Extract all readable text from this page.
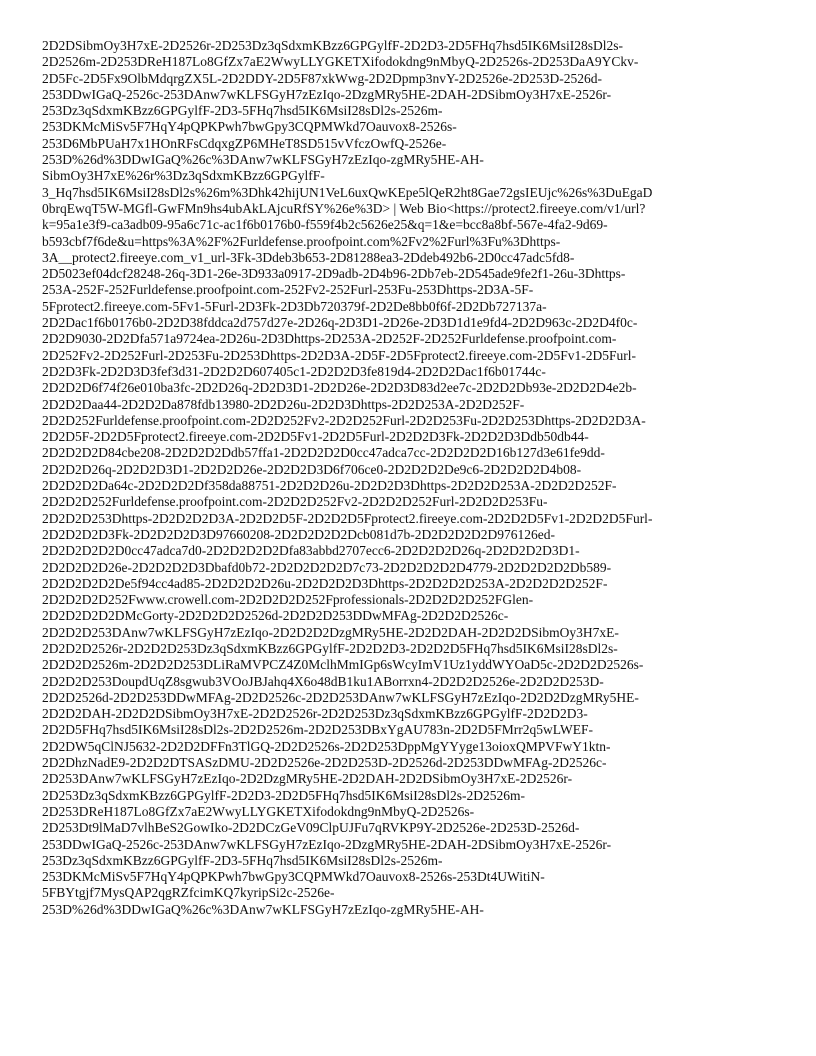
2D2DSibmOy3H7xE-2D2526r-2D253Dz3qSdxmKBzz6GPGylfF-2D2D3-2D5FHq7hsd5IK6MsiI28sDl2s-
2D2526m-2D253DReH187Lo8GfZx7aE2WwyLLYGKETXifodokdng9nMbyQ-2D2526s-2D253DaA9YCkv-
2D5Fc-2D5Fx9OlbMdqrgZX5L-2D2DDY-2D5F87xkWwg-2D2Dpmp3nvY-2D2526e-2D253D-2526d-
253DDwIGaQ-2526c-253DAnw7wKLFSGyH7zEzIqo-2DzgMRy5HE-2DAH-2DSibmOy3H7xE-2526r-
253Dz3qSdxmKBzz6GPGylfF-2D3-5FHq7hsd5IK6MsiI28sDl2s-2526m-
253DKMcMiSv5F7HqY4pQPKPwh7bwGpy3CQPMWkd7Oauvox8-2526s-
253D6MbPUaH7x1HOnRFsCdqxgZP6MHeT8SD515vVfczOwfQ-2526e-
253D%26d%3DDwIGaQ%26c%3DAnw7wKLFSGyH7zEzIqo-zgMRy5HE-AH-
SibmOy3H7xE%26r%3Dz3qSdxmKBzz6GPGylfF-
3_Hq7hsd5IK6MsiI28sDl2s%26m%3Dhk42hijUN1VeL6uxQwKEpe5lQeR2ht8Gae72gsIEUjc%26s%3DuEgaD
0brqEwqT5W-MGfl-GwFMn9hs4ubAkLAjcuRfSY%26e%3D> | Web Bio<https://protect2.fireeye.com/v1/url?
k=95a1e3f9-ca3adb09-95a6c71c-ac1f6b0176b0-f559f4b2c5626e25&q=1&e=bcc8a8bf-567e-4fa2-9d69-
b593cbf7f6de&u=https%3A%2F%2Furldefense.proofpoint.com%2Fv2%2Furl%3Fu%3Dhttps-
3A__protect2.fireeye.com_v1_url-3Fk-3Ddeb3b653-2D81288ea3-2Ddeb492b6-2D0cc47adc5fd8-
2D5023ef04dcf28248-26q-3D1-26e-3D933a0917-2D9adb-2D4b96-2Db7eb-2D545ade9fe2f1-26u-3Dhttps-
253A-252F-252Furldefense.proofpoint.com-252Fv2-252Furl-253Fu-253Dhttps-2D3A-5F-
5Fprotect2.fireeye.com-5Fv1-5Furl-2D3Fk-2D3Db720379f-2D2De8bb0f6f-2D2Db727137a-
2D2Dac1f6b0176b0-2D2D38fddca2d757d27e-2D26q-2D3D1-2D26e-2D3D1d1e9fd4-2D2D963c-2D2D4f0c-
2D2D9030-2D2Dfa571a9724ea-2D26u-2D3Dhttps-2D253A-2D252F-2D252Furldefense.proofpoint.com-
2D252Fv2-2D252Furl-2D253Fu-2D253Dhttps-2D2D3A-2D5F-2D5Fprotect2.fireeye.com-2D5Fv1-2D5Furl-
2D2D3Fk-2D2D3D3fef3d31-2D2D2D607405c1-2D2D2D3fe819d4-2D2D2Dac1f6b01744c-
2D2D2D6f74f26e010ba3fc-2D2D26q-2D2D3D1-2D2D26e-2D2D3D83d2ee7c-2D2D2Db93e-2D2D2D4e2b-
2D2D2Daa44-2D2D2Da878fdb13980-2D2D26u-2D2D3Dhttps-2D2D253A-2D2D252F-
2D2D252Furldefense.proofpoint.com-2D2D252Fv2-2D2D252Furl-2D2D253Fu-2D2D253Dhttps-2D2D2D3A-
2D2D5F-2D2D5Fprotect2.fireeye.com-2D2D5Fv1-2D2D5Furl-2D2D2D3Fk-2D2D2D3Ddb50db44-
2D2D2D2D84cbe208-2D2D2D2Ddb57ffa1-2D2D2D2D0cc47adca7cc-2D2D2D2D16b127d3e61fe9dd-
2D2D2D26q-2D2D2D3D1-2D2D2D26e-2D2D2D3D6f706ce0-2D2D2D2De9c6-2D2D2D2D4b08-
2D2D2D2Da64c-2D2D2D2Df358da88751-2D2D2D26u-2D2D2D3Dhttps-2D2D2D253A-2D2D2D252F-
2D2D2D252Furldefense.proofpoint.com-2D2D2D252Fv2-2D2D2D252Furl-2D2D2D253Fu-
2D2D2D253Dhttps-2D2D2D2D3A-2D2D2D5F-2D2D2D5Fprotect2.fireeye.com-2D2D2D5Fv1-2D2D2D5Furl-
2D2D2D2D3Fk-2D2D2D2D3D97660208-2D2D2D2D2Dcb081d7b-2D2D2D2D2D976126ed-
2D2D2D2D2D0cc47adca7d0-2D2D2D2D2Dfa83abbd2707ecc6-2D2D2D2D26q-2D2D2D2D3D1-
2D2D2D2D26e-2D2D2D2D3Dbafd0b72-2D2D2D2D2D7c73-2D2D2D2D2D4779-2D2D2D2D2Db589-
2D2D2D2D2De5f94cc4ad85-2D2D2D2D26u-2D2D2D2D3Dhttps-2D2D2D2D253A-2D2D2D2D252F-
2D2D2D2D252Fwww.crowell.com-2D2D2D2D252Fprofessionals-2D2D2D2D252FGlen-
2D2D2D2D2DMcGorty-2D2D2D2D2526d-2D2D2D253DDwMFAg-2D2D2D2526c-
2D2D2D253DAnw7wKLFSGyH7zEzIqo-2D2D2D2DzgMRy5HE-2D2D2DAH-2D2D2DSibmOy3H7xE-
2D2D2D2526r-2D2D2D253Dz3qSdxmKBzz6GPGylfF-2D2D2D3-2D2D2D5FHq7hsd5IK6MsiI28sDl2s-
2D2D2D2526m-2D2D2D253DLiRaMVPCZ4Z0MclhMmIGp6sWcyImV1Uz1yddWYOaD5c-2D2D2D2526s-
2D2D2D253DoupdUqZ8sgwub3VOoJBJahq4X6o48dB1ku1ABorrxn4-2D2D2D2526e-2D2D2D253D-
2D2D2526d-2D2D253DDwMFAg-2D2D2526c-2D2D253DAnw7wKLFSGyH7zEzIqo-2D2D2DzgMRy5HE-
2D2D2DAH-2D2D2DSibmOy3H7xE-2D2D2526r-2D2D253Dz3qSdxmKBzz6GPGylfF-2D2D2D3-
2D2D5FHq7hsd5IK6MsiI28sDl2s-2D2D2526m-2D2D253DBxYgAU783n-2D2D5FMrr2q5wLWEF-
2D2DW5qClNJ5632-2D2D2DFFn3TlGQ-2D2D2526s-2D2D253DppMgYYyge13oioxQMPVFwY1ktn-
2D2DhzNadE9-2D2D2DTSASzDMU-2D2D2526e-2D2D253D-2D2526d-2D253DDwMFAg-2D2526c-
2D253DAnw7wKLFSGyH7zEzIqo-2D2DzgMRy5HE-2D2DAH-2D2DSibmOy3H7xE-2D2526r-
2D253Dz3qSdxmKBzz6GPGylfF-2D2D3-2D2D5FHq7hsd5IK6MsiI28sDl2s-2D2526m-
2D253DReH187Lo8GfZx7aE2WwyLLYGKETXifodokdng9nMbyQ-2D2526s-
2D253Dt9lMaD7vlhBeS2GowIko-2D2DCzGeV09ClpUJFu7qRVKP9Y-2D2526e-2D253D-2526d-
253DDwIGaQ-2526c-253DAnw7wKLFSGyH7zEzIqo-2DzgMRy5HE-2DAH-2DSibmOy3H7xE-2526r-
253Dz3qSdxmKBzz6GPGylfF-2D3-5FHq7hsd5IK6MsiI28sDl2s-2526m-
253DKMcMiSv5F7HqY4pQPKPwh7bwGpy3CQPMWkd7Oauvox8-2526s-253Dt4UWitiN-
5FBYtgjf7MysQAP2qgRZfcimKQ7kyripSi2c-2526e-
253D%26d%3DDwIGaQ%26c%3DAnw7wKLFSGyH7zEzIqo-zgMRy5HE-AH-
